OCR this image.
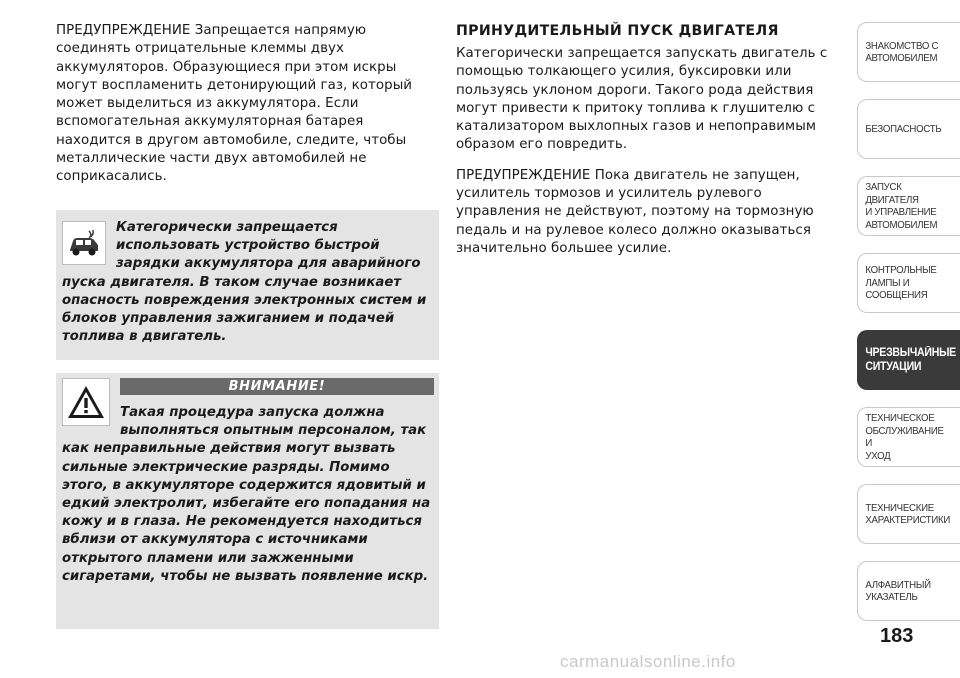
ПРЕДУПРЕЖДЕНИЕ Запрещается напрямую соединять отрицательные клеммы двух аккумуляторов. Образующиеся при этом искры могут воспламенить детонирующий газ, который может выделиться из аккумулятора. Если вспомогательная аккумуляторная батарея находится в другом автомобиле, следите, чтобы металлические части двух автомобилей не соприкасались.

Категорически запрещается использовать устройство быстрой зарядки аккумулятора для аварийного пуска двигателя. В таком случае возникает опасность повреждения электронных систем и блоков управления зажиганием и подачей топлива в двигатель.

ВНИМАНИЕ!

Такая процедура запуска должна выполняться опытным персоналом, так как неправильные действия могут вызвать сильные электрические разряды. Помимо этого, в аккумуляторе содержится ядовитый и едкий электролит, избегайте его попадания на кожу и в глаза. Не рекомендуется находиться вблизи от аккумулятора с источниками открытого пламени или зажженными сигаретами, чтобы не вызвать появление искр.

ПРИНУДИТЕЛЬНЫЙ ПУСК ДВИГАТЕЛЯ

Категорически запрещается запускать двигатель с помощью толкающего усилия, буксировки или пользуясь уклоном дороги. Такого рода действия могут привести к притоку топлива к глушителю с катализатором выхлопных газов и непоправимым образом его повредить.

ПРЕДУПРЕЖДЕНИЕ Пока двигатель не запущен, усилитель тормозов и усилитель рулевого управления не действуют, поэтому на тормозную педаль и на рулевое колесо должно оказываться значительно большее усилие.

ЗНАКОМСТВО С
АВТОМОБИЛЕМ
БЕЗОПАСНОСТЬ
ЗАПУСК ДВИГАТЕЛЯ
И УПРАВЛЕНИЕ
АВТОМОБИЛЕМ
КОНТРОЛЬНЫЕ
ЛАМПЫ И
СООБЩЕНИЯ
ЧРЕЗВЫЧАЙНЫЕ
СИТУАЦИИ
ТЕХНИЧЕСКОЕ
ОБСЛУЖИВАНИЕ И
УХОД
ТЕХНИЧЕСКИЕ
ХАРАКТЕРИСТИКИ
АЛФАВИТНЫЙ
УКАЗАТЕЛЬ
183
carmanualsonline.info
